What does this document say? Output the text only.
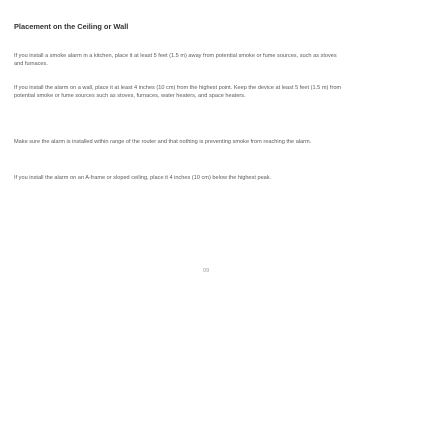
Placement on the Ceiling or Wall

If you install a smoke alarm in a kitchen, place it at least 5 feet (1.5 m) away from potential smoke or fume sources, such as stoves and furnaces.

If you install the alarm on a wall, place it at least 4 inches (10 cm) from the highest point. Keep the device at least 5 feet (1.5 m) from potential smoke or fume sources such as stoves, furnaces, water heaters, and space heaters.

Make sure the alarm is installed within range of the router and that nothing is preventing smoke from reaching the alarm.

If you install the alarm on an A-frame or sloped ceiling, place it 4 inches (10 cm) below the highest peak.

09
